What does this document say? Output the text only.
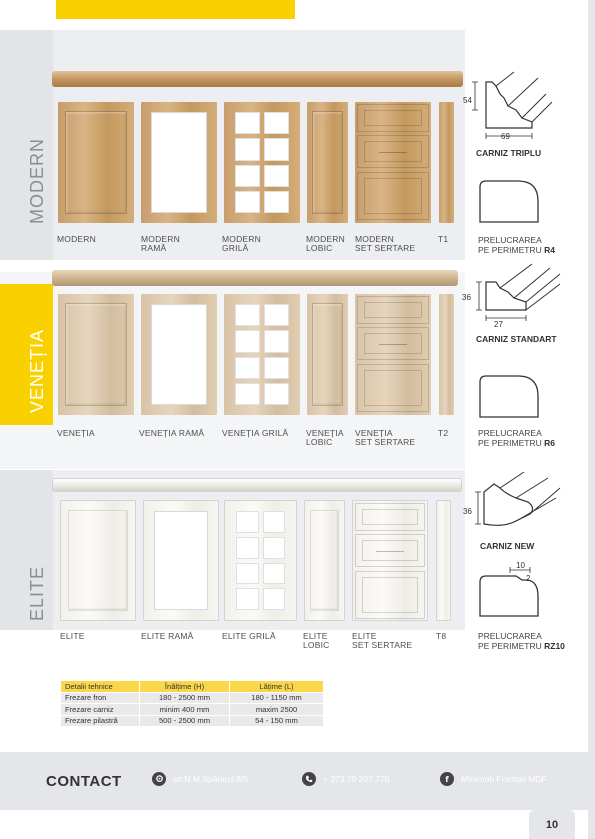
MODERN
MODERN	MODERN
RAMĂ
MODERN
GRILĂ
MODERN
LOBIC
MODERN
SET SERTARE
T1
VENEȚIA
VENEȚIA	VENEȚIA RAMĂ VENEȚIA GRILĂ VENEȚIA
LOBIC
VENEȚIA
SET SERTARE
T2
ELITE
ELITE	ELITE RAMĂ	ELITE GRILĂ	ELITE
LOBIC
ELITE
SET SERTARE
T8
54
69
CARNIZ TRIPLU
PRELUCRAREA
PE PERIMETRU R4
36
27
CARNIZ STANDART
PRELUCRAREA
PE PERIMETRU R6
36
CARNIZ NEW
10
2
PRELUCRAREA
PE PERIMETRU RZ10
Detalii tehnice	Înălțime (H)	Lățime (L)
Frezare fron	180 - 2500 mm	180 - 1150 mm
Frezare carniz	minim 400 mm	maxim 2500
Frezare pilastră	500 - 2500 mm	54 - 150 mm
CONTACT	str.N.M.Spătarul 8/5	+ 373 79 207 770	f	Miramob Fronturi MDF
10
